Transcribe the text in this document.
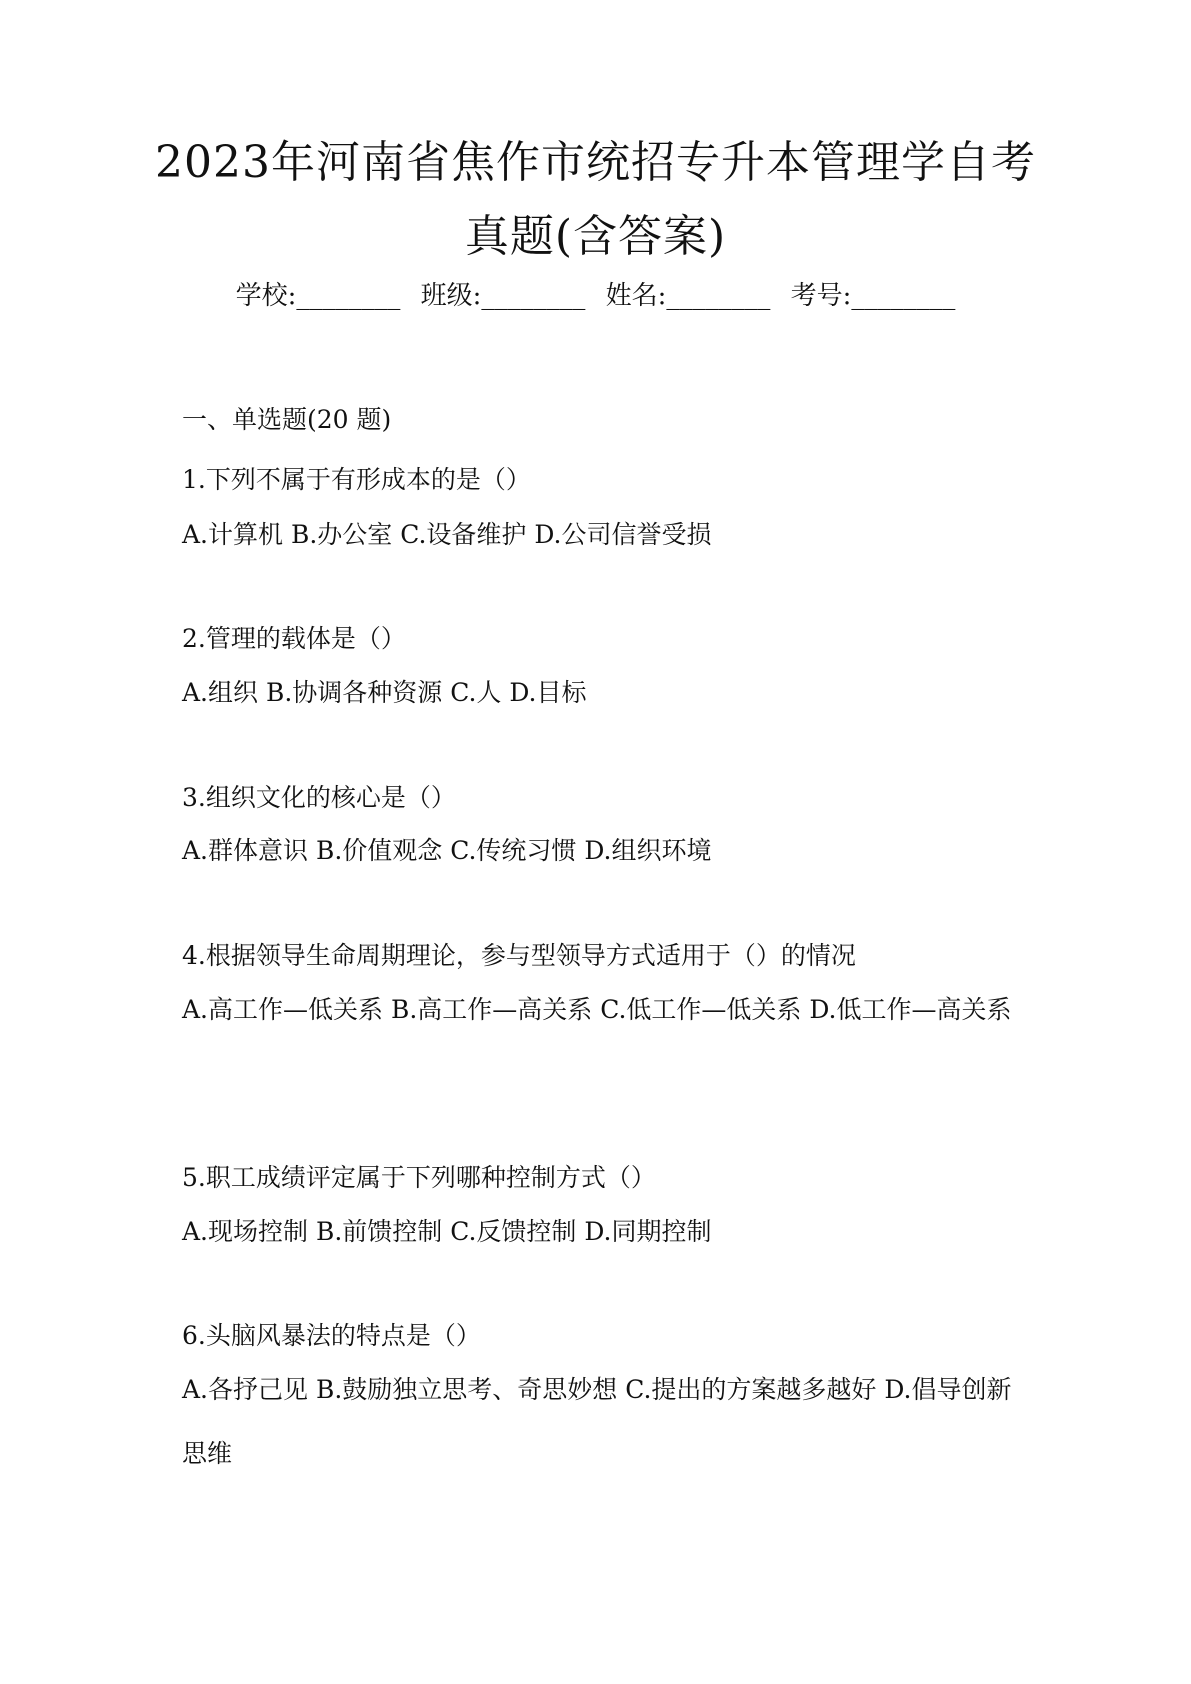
2023年河南省焦作市统招专升本管理学自考真题(含答案)
学校:________ 班级:________ 姓名:________ 考号:________
一、单选题(20 题)
1.下列不属于有形成本的是（）
A.计算机 B.办公室 C.设备维护 D.公司信誉受损
2.管理的载体是（）
A.组织 B.协调各种资源 C.人 D.目标
3.组织文化的核心是（）
A.群体意识 B.价值观念 C.传统习惯 D.组织环境
4.根据领导生命周期理论，参与型领导方式适用于（）的情况
A.高工作—低关系 B.高工作—高关系 C.低工作—低关系 D.低工作—高关系
5.职工成绩评定属于下列哪种控制方式（）
A.现场控制 B.前馈控制 C.反馈控制 D.同期控制
6.头脑风暴法的特点是（）
A.各抒己见 B.鼓励独立思考、奇思妙想 C.提出的方案越多越好 D.倡导创新思维
